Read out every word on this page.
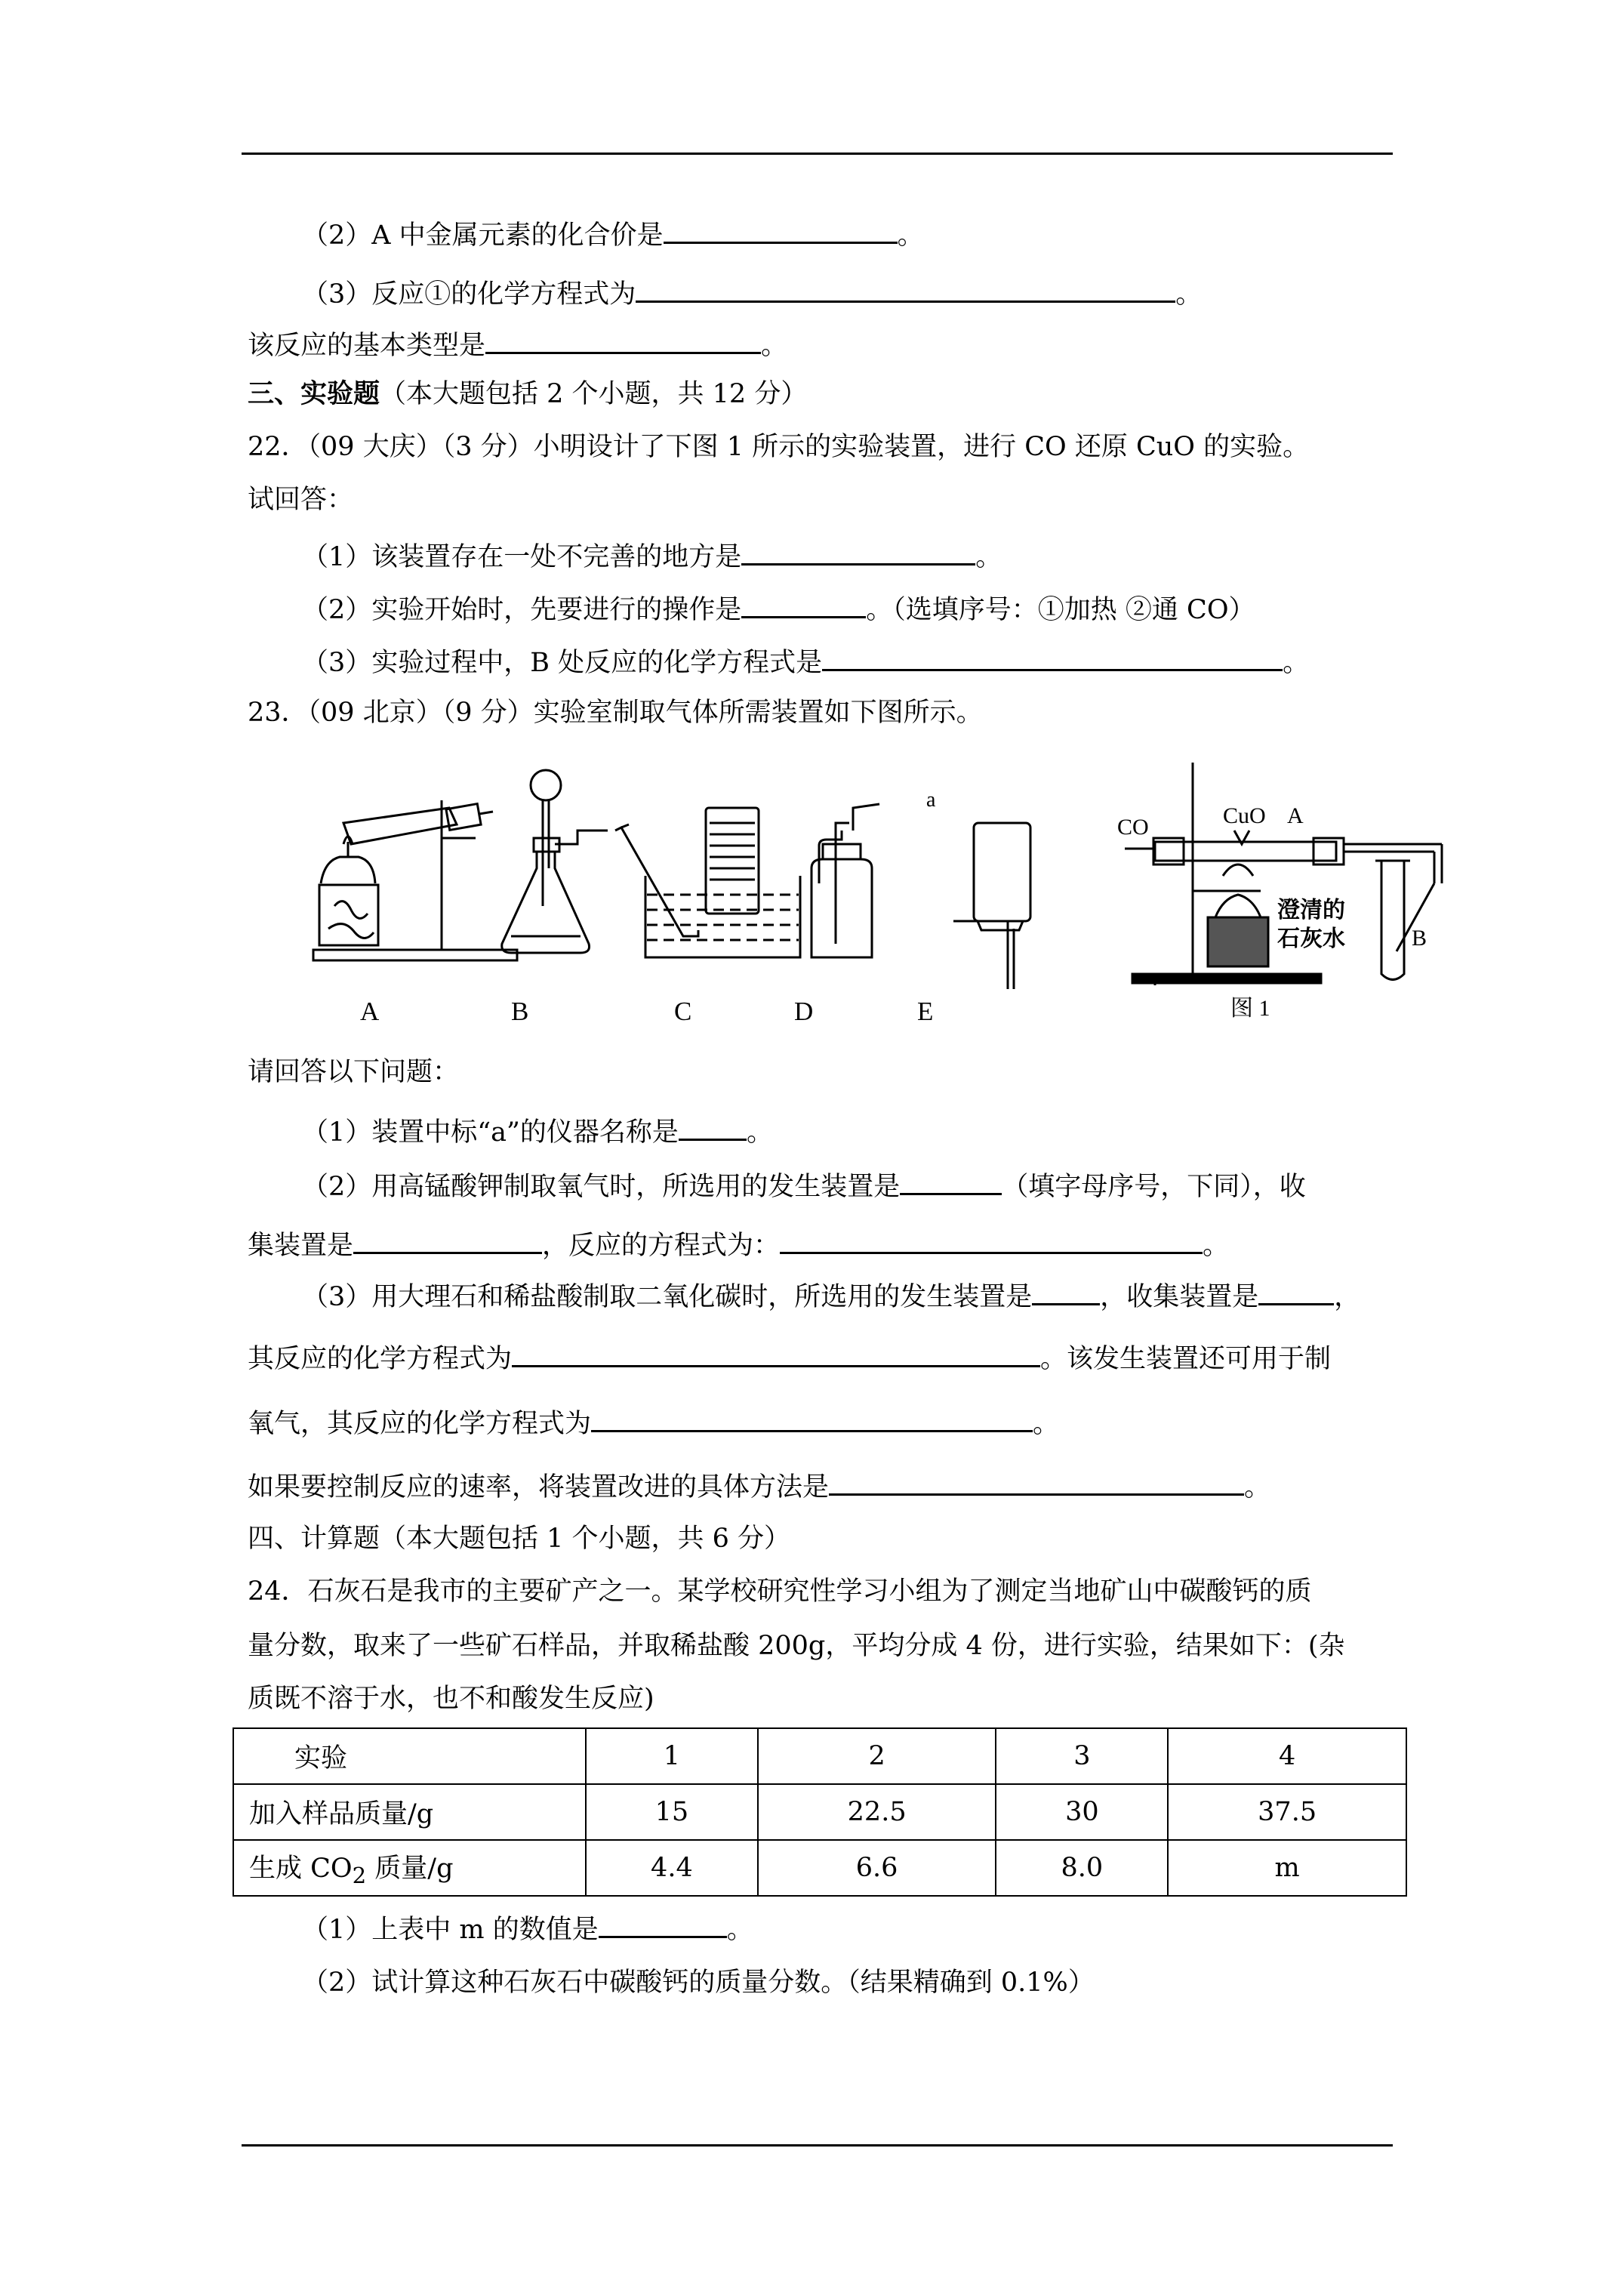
（2）A 中金属元素的化合价是	。
（3）反应①的化学方程式为	。
该反应的基本类型是	。
三、实验题（本大题包括 2 个小题，共 12 分）
22．（09 大庆）（3 分）小明设计了下图 1 所示的实验装置，进行 CO 还原 CuO 的实验。
试回答：
（1）该装置存在一处不完善的地方是	。
（2）实验开始时，先要进行的操作是	。（选填序号：①加热 ②通 CO）
（3）实验过程中，B 处反应的化学方程式是	。
23．（09 北京）（9 分）实验室制取气体所需装置如下图所示。
a
A	B	C	D	E
CO	CuO A
澄清的
石灰水	B
图 1
请回答以下问题：
（1）装置中标“a”的仪器名称是	。
（2）用高锰酸钾制取氧气时，所选用的发生装置是	（填字母序号，下同），收
集装置是	，反应的方程式为：	。
（3）用大理石和稀盐酸制取二氧化碳时，所选用的发生装置是	，收集装置是	，
其反应的化学方程式为	。该发生装置还可用于制
氧气，其反应的化学方程式为	。
如果要控制反应的速率，将装置改进的具体方法是	。
四、计算题（本大题包括 1 个小题，共 6 分）
24．石灰石是我市的主要矿产之一。某学校研究性学习小组为了测定当地矿山中碳酸钙的质
量分数，取来了一些矿石样品，并取稀盐酸 200g，平均分成 4 份，进行实验，结果如下：(杂
质既不溶于水，也不和酸发生反应)
实验	1	2	3	4
加入样品质量/g	15	22.5	30	37.5
生成 $CO_2$ 质量/g	4.4	6.6	8.0	m
（1）上表中 m 的数值是	。
（2）试计算这种石灰石中碳酸钙的质量分数。（结果精确到 0.1%）
